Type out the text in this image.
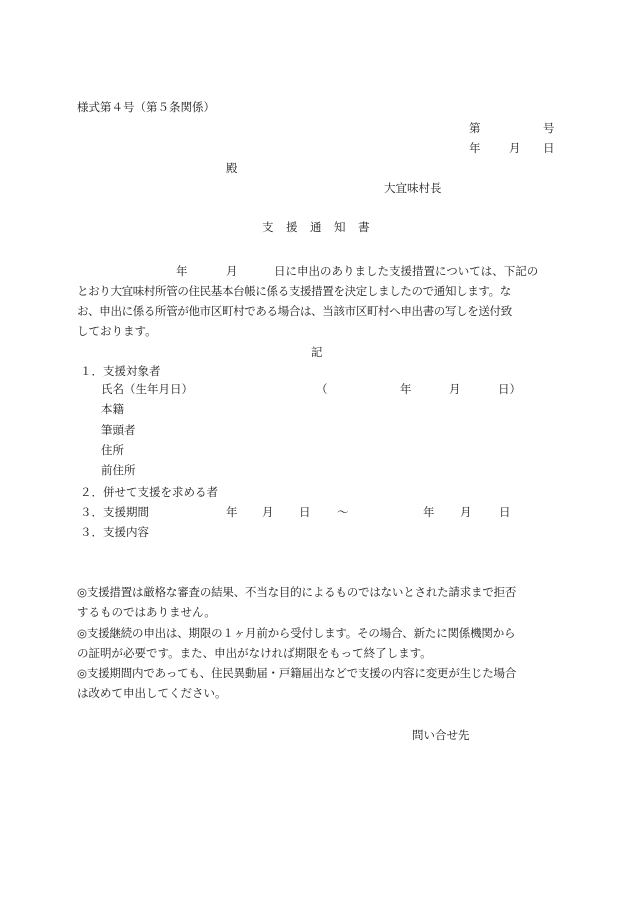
様式第４号（第５条関係）
第	号
年 月 日
殿
大宜味村長
支　援　通　知　書
年	月	日に申出のありました支援措置については、下記の
とおり大宜味村所管の住民基本台帳に係る支援措置を決定しましたので通知します。な
お、申出に係る所管が他市区町村である場合は、当該市区町村へ申出書の写しを送付致
しております。
記
１．支援対象者
氏名（生年月日）	（	年	月	日）
本籍
筆頭者
住所
前住所
２．併せて支援を求める者
３．支援期間	年 月 日 ～	年 月 日
３．支援内容
◎支援措置は厳格な審査の結果、不当な目的によるものではないとされた請求まで拒否
するものではありません。
◎支援継続の申出は、期限の１ヶ月前から受付します。その場合、新たに関係機関から
の証明が必要です。また、申出がなければ期限をもって終了します。
◎支援期間内であっても、住民異動届・戸籍届出などで支援の内容に変更が生じた場合
は改めて申出してください。
問い合せ先
